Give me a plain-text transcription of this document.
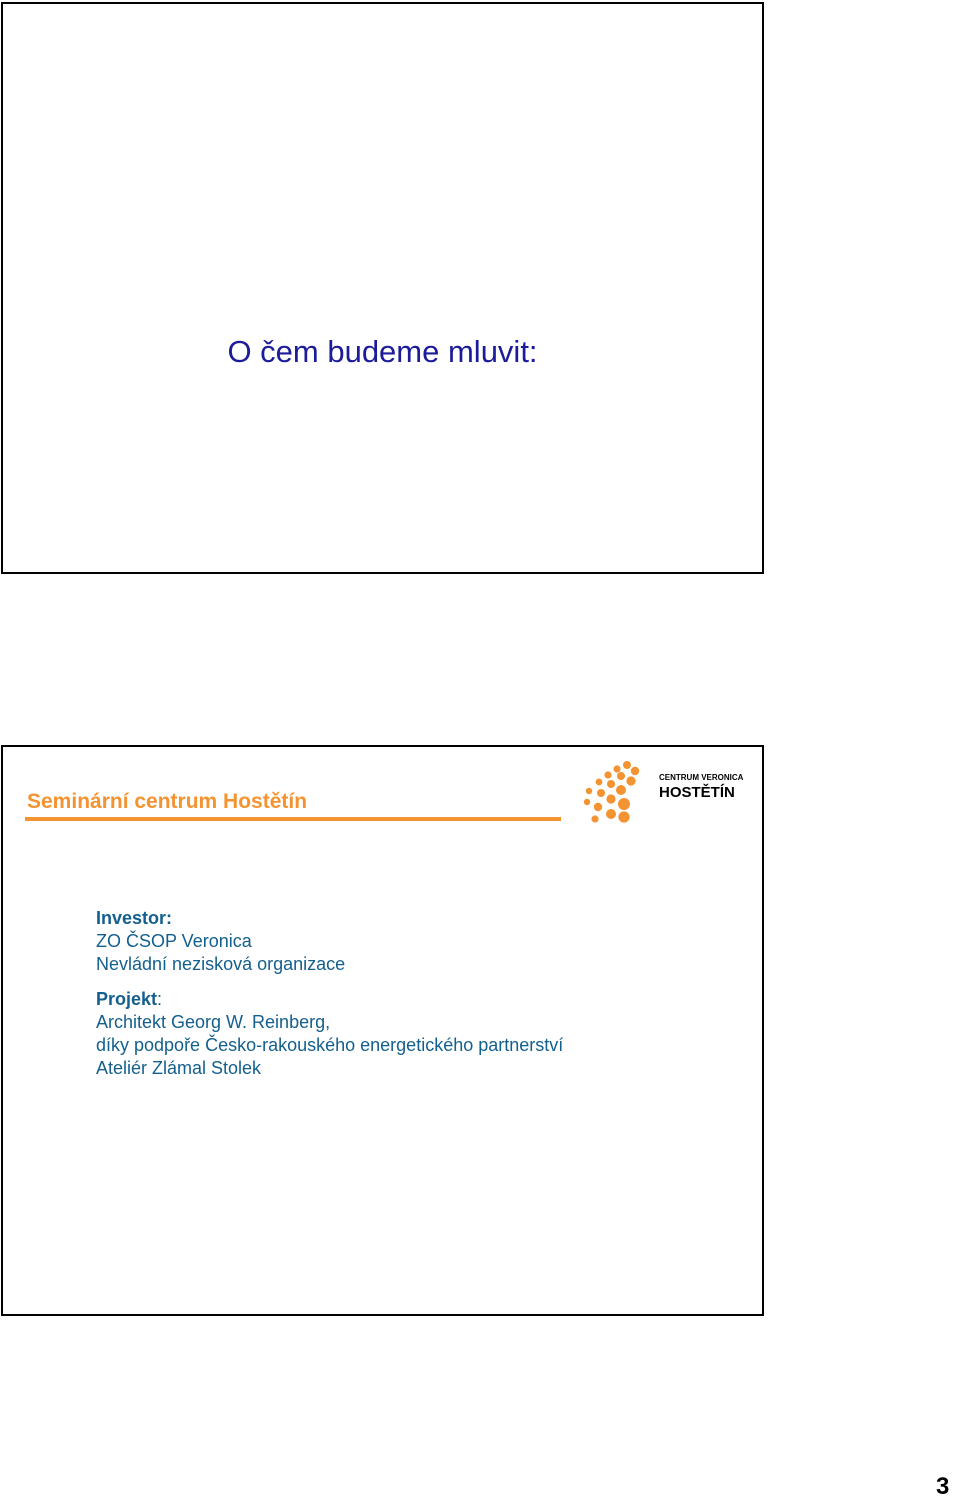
O čem budeme mluvit:
Seminární centrum Hostětín
CENTRUM VERONICA
HOSTĚTÍN
Investor:
ZO ČSOP Veronica
Nevládní nezisková organizace
Projekt:
Architekt Georg W. Reinberg,
díky podpoře Česko-rakouského energetického partnerství
Ateliér Zlámal Stolek
3
